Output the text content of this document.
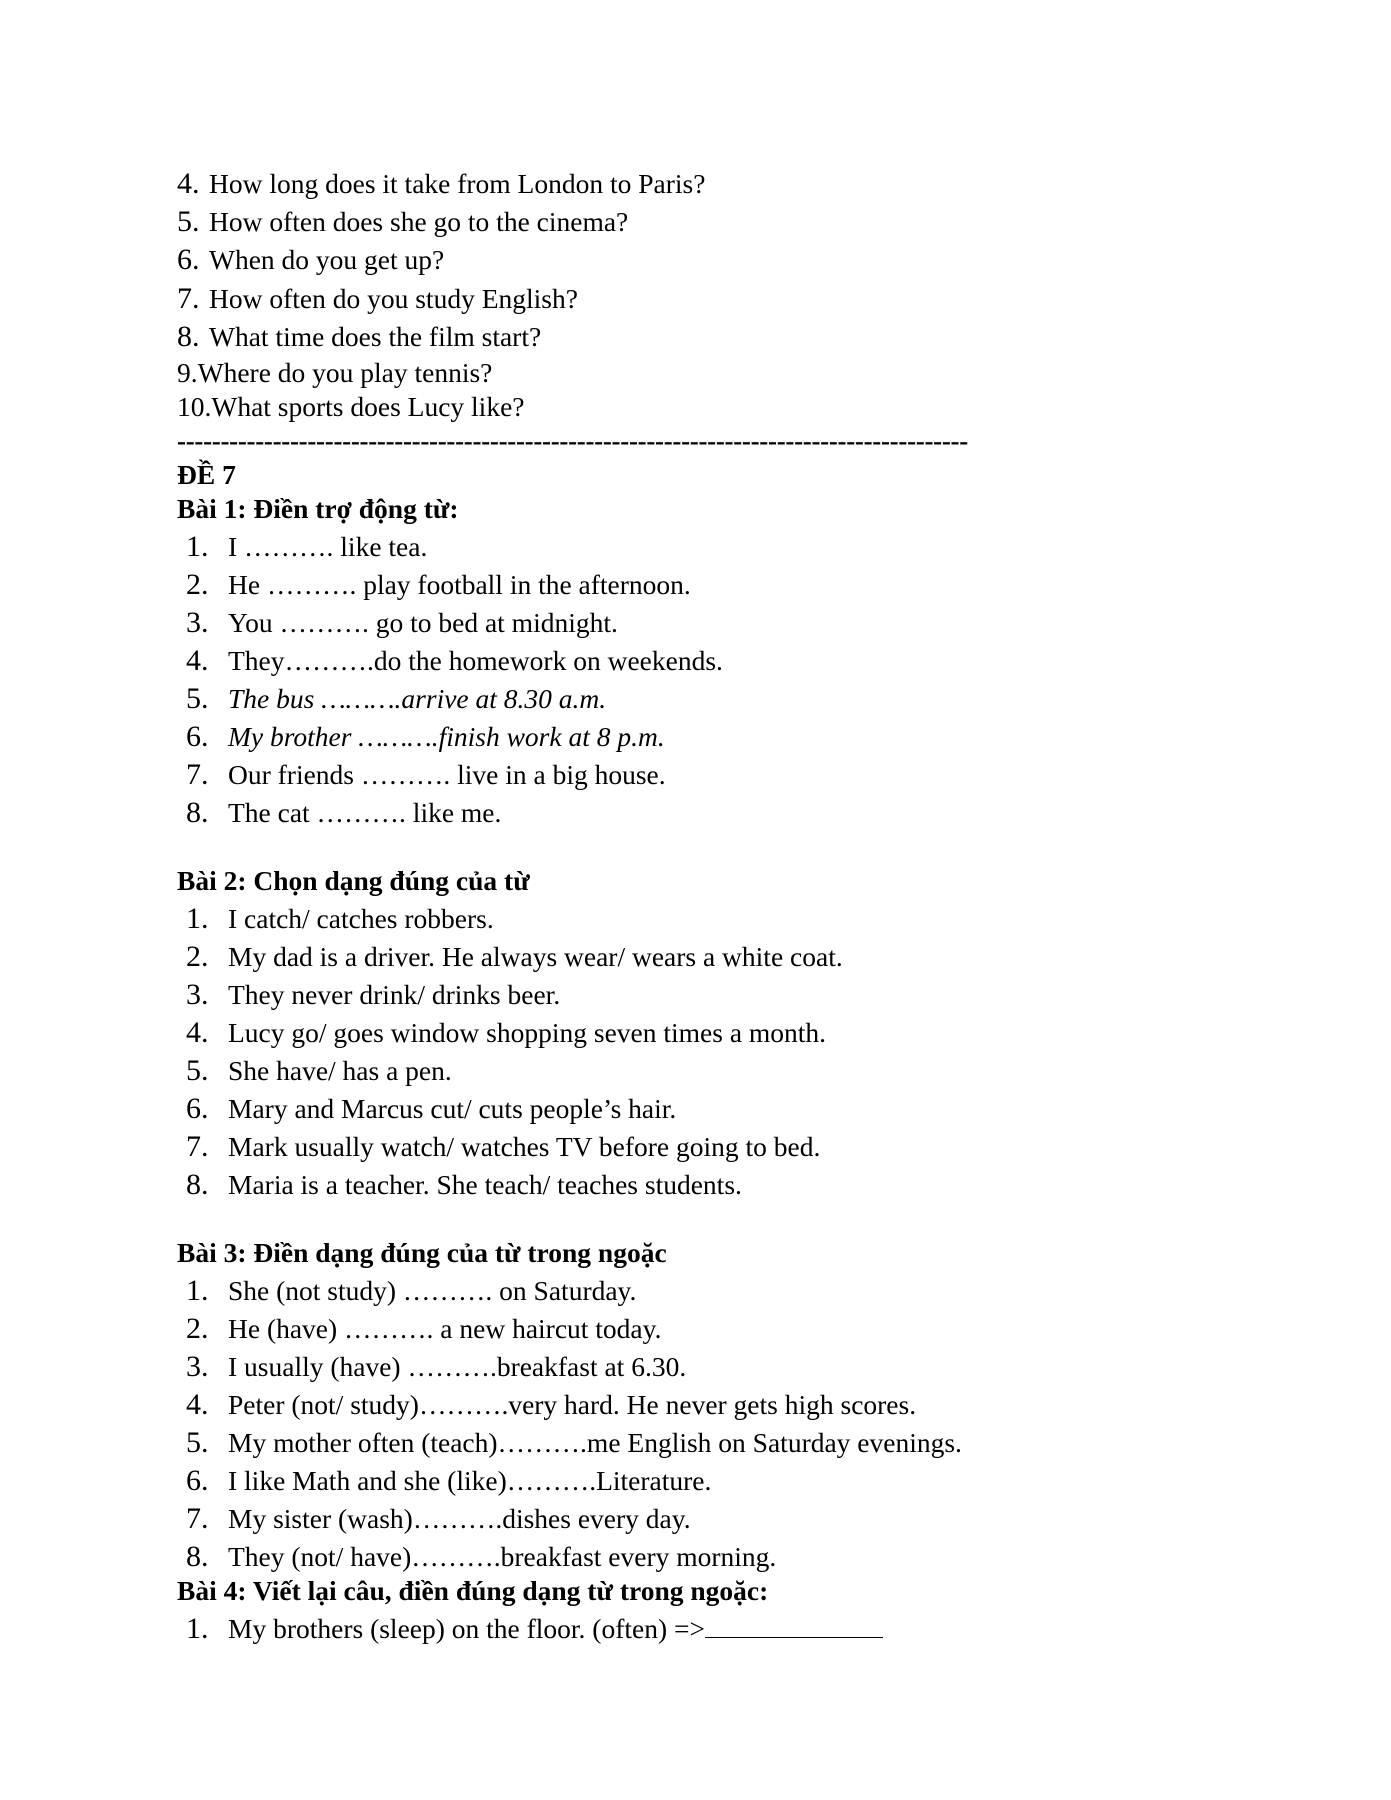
4. How long does it take from London to Paris?
5. How often does she go to the cinema?
6. When do you get up?
7. How often do you study English?
8. What time does the film start?
9.Where do you play tennis?
10.What sports does Lucy like?
-------------------------------------------------------------------------------------------
ĐỀ 7
Bài 1: Điền trợ động từ:
1. I ………. like tea.
2. He ………. play football in the afternoon.
3. You ………. go to bed at midnight.
4. They……….do the homework on weekends.
5. The bus ……….arrive at 8.30 a.m.
6. My brother ……….finish work at 8 p.m.
7. Our friends ………. live in a big house.
8. The cat ………. like me.
Bài 2: Chọn dạng đúng của từ
1. I catch/ catches robbers.
2. My dad is a driver. He always wear/ wears a white coat.
3. They never drink/ drinks beer.
4. Lucy go/ goes window shopping seven times a month.
5. She have/ has a pen.
6. Mary and Marcus cut/ cuts people’s hair.
7. Mark usually watch/ watches TV before going to bed.
8. Maria is a teacher. She teach/ teaches students.
Bài 3: Điền dạng đúng của từ trong ngoặc
1. She (not study) ………. on Saturday.
2. He (have) ………. a new haircut today.
3. I usually (have) ……….breakfast at 6.30.
4. Peter (not/ study)……….very hard. He never gets high scores.
5. My mother often (teach)……….me English on Saturday evenings.
6. I like Math and she (like)……….Literature.
7. My sister (wash)……….dishes every day.
8. They (not/ have)……….breakfast every morning.
Bài 4: Viết lại câu, điền đúng dạng từ trong ngoặc:
1. My brothers (sleep) on the floor. (often) =>
